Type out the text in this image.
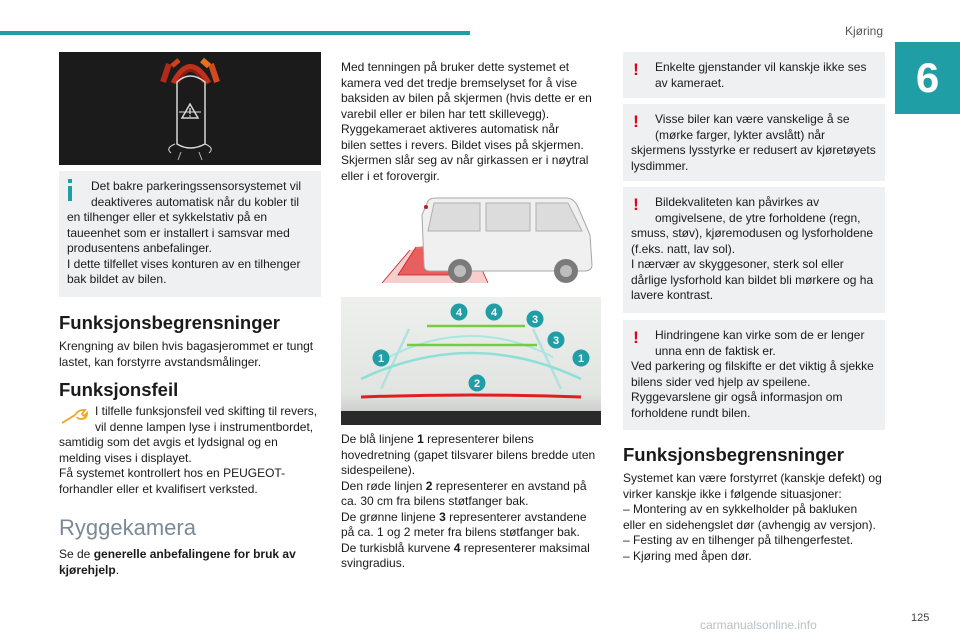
Kjøring
6

Det bakre parkeringssensorsystemet vil

deaktiveres automatisk når du kobler til

en tilhenger eller et sykkelstativ på en

taueenhet som er installert i samsvar med

produsentens anbefalinger.

I dette tilfellet vises konturen av en tilhenger

bak bildet av bilen.

Funksjonsbegrensninger

Krengning av bilen hvis bagasjerommet er tungt

lastet, kan forstyrre avstandsmålinger.

Funksjonsfeil

I tilfelle funksjonsfeil ved skifting til revers,

vil denne lampen lyse i instrumentbordet,

samtidig som det avgis et lydsignal og en

melding vises i displayet.

Få systemet kontrollert hos en PEUGEOT-

forhandler eller et kvalifisert verksted.

Ryggekamera

Se de generelle anbefalingene for bruk av

kjørehjelp.

Med tenningen på bruker dette systemet et

kamera ved det tredje bremselyset for å vise

baksiden av bilen på skjermen (hvis dette er en

varebil eller er bilen har tett skillevegg).

Ryggekameraet aktiveres automatisk når

bilen settes i revers. Bildet vises på skjermen.

Skjermen slår seg av når girkassen er i nøytral

eller i et forovergir.

1	1
2
3
3
4	4

De blå linjene 1 representerer bilens

hovedretning (gapet tilsvarer bilens bredde uten

sidespeilene).

Den røde linjen 2 representerer en avstand på

ca. 30 cm fra bilens støtfanger bak.

De grønne linjene 3 representerer avstandene

på ca. 1 og 2 meter fra bilens støtfanger bak.

De turkisblå kurvene 4 representerer maksimal

svingradius.

! Enkelte gjenstander vil kanskje ikke ses

av kameraet.

! Visse biler kan være vanskelige å se

(mørke farger, lykter avslått) når

skjermens lysstyrke er redusert av kjøretøyets

lysdimmer.

! Bildekvaliteten kan påvirkes av

omgivelsene, de ytre forholdene (regn,

smuss, støv), kjøremodusen og lysforholdene

(f.eks. natt, lav sol).

I nærvær av skyggesoner, sterk sol eller

dårlige lysforhold kan bildet bli mørkere og ha

lavere kontrast.

! Hindringene kan virke som de er lenger

unna enn de faktisk er.

Ved parkering og filskifte er det viktig å sjekke

bilens sider ved hjelp av speilene.

Ryggevarslene gir også informasjon om

forholdene rundt bilen.

Funksjonsbegrensninger

Systemet kan være forstyrret (kanskje defekt) og

virker kanskje ikke i følgende situasjoner:

– Montering av en sykkelholder på bakluken

eller en sidehengslet dør (avhengig av versjon).

– Festing av en tilhenger på tilhengerfestet.

– Kjøring med åpen dør.

carmanualsonline.info	125
